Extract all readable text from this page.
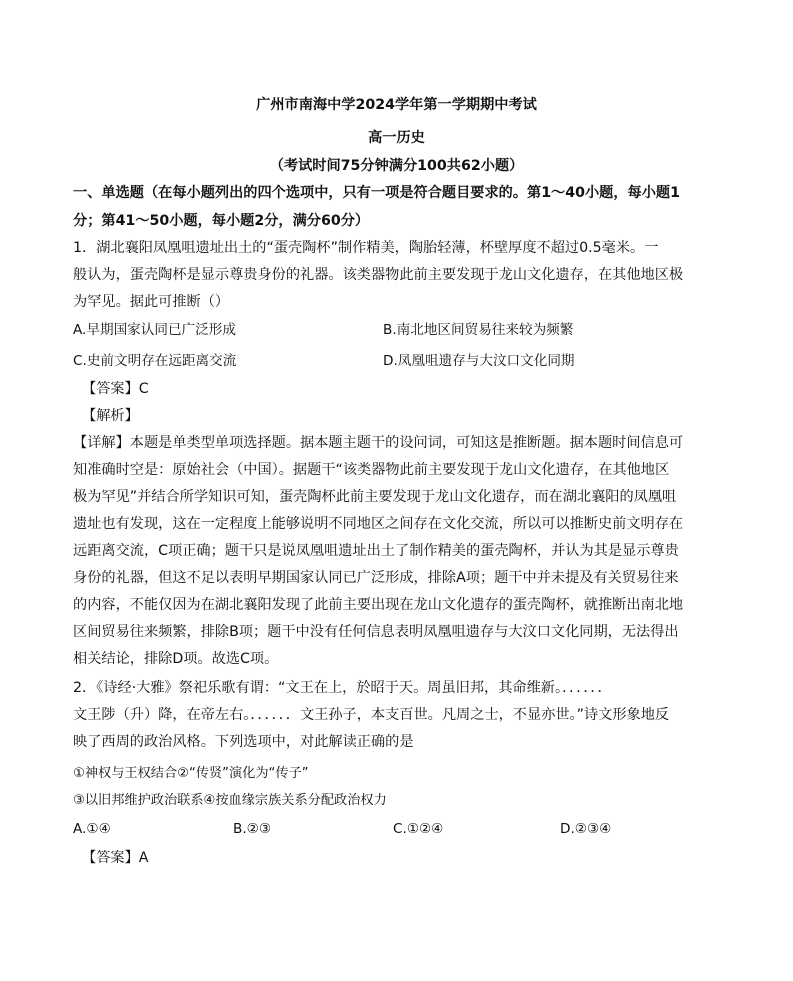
广州市南海中学2024学年第一学期期中考试
高一历史
（考试时间75分钟满分100共62小题）
一、单选题（在每小题列出的四个选项中，只有一项是符合题目要求的。第1～40小题，每小题1
分；第41～50小题，每小题2分，满分60分）
1．湖北襄阳凤凰咀遗址出土的“蛋壳陶杯”制作精美，陶胎轻薄，杯壁厚度不超过0.5毫米。一
般认为，蛋壳陶杯是显示尊贵身份的礼器。该类器物此前主要发现于龙山文化遗存，在其他地区极
为罕见。据此可推断（）
A.早期国家认同已广泛形成	B.南北地区间贸易往来较为频繁
C.史前文明存在远距离交流	D.凤凰咀遗存与大汶口文化同期
【答案】C
【解析】
【详解】本题是单类型单项选择题。据本题主题干的设问词，可知这是推断题。据本题时间信息可
知准确时空是：原始社会（中国）。据题干“该类器物此前主要发现于龙山文化遗存，在其他地区
极为罕见”并结合所学知识可知，蛋壳陶杯此前主要发现于龙山文化遗存，而在湖北襄阳的凤凰咀
遗址也有发现，这在一定程度上能够说明不同地区之间存在文化交流，所以可以推断史前文明存在
远距离交流，C项正确；题干只是说凤凰咀遗址出土了制作精美的蛋壳陶杯，并认为其是显示尊贵
身份的礼器，但这不足以表明早期国家认同已广泛形成，排除A项；题干中并未提及有关贸易往来
的内容，不能仅因为在湖北襄阳发现了此前主要出现在龙山文化遗存的蛋壳陶杯，就推断出南北地
区间贸易往来频繁，排除B项；题干中没有任何信息表明凤凰咀遗存与大汶口文化同期，无法得出
相关结论，排除D项。故选C项。
2．《诗经·大雅》祭祀乐歌有谓：“文王在上，於昭于天。周虽旧邦，其命维新。．．．．．．
文王陟（升）降，在帝左右。．．．．．．文王孙子，本支百世。凡周之士，不显亦世。”诗文形象地反
映了西周的政治风格。下列选项中，对此解读正确的是
①神权与王权结合②“传贤”演化为“传子”
③以旧邦维护政治联系④按血缘宗族关系分配政治权力
A.①④	B.②③	C.①②④	D.②③④
【答案】A
